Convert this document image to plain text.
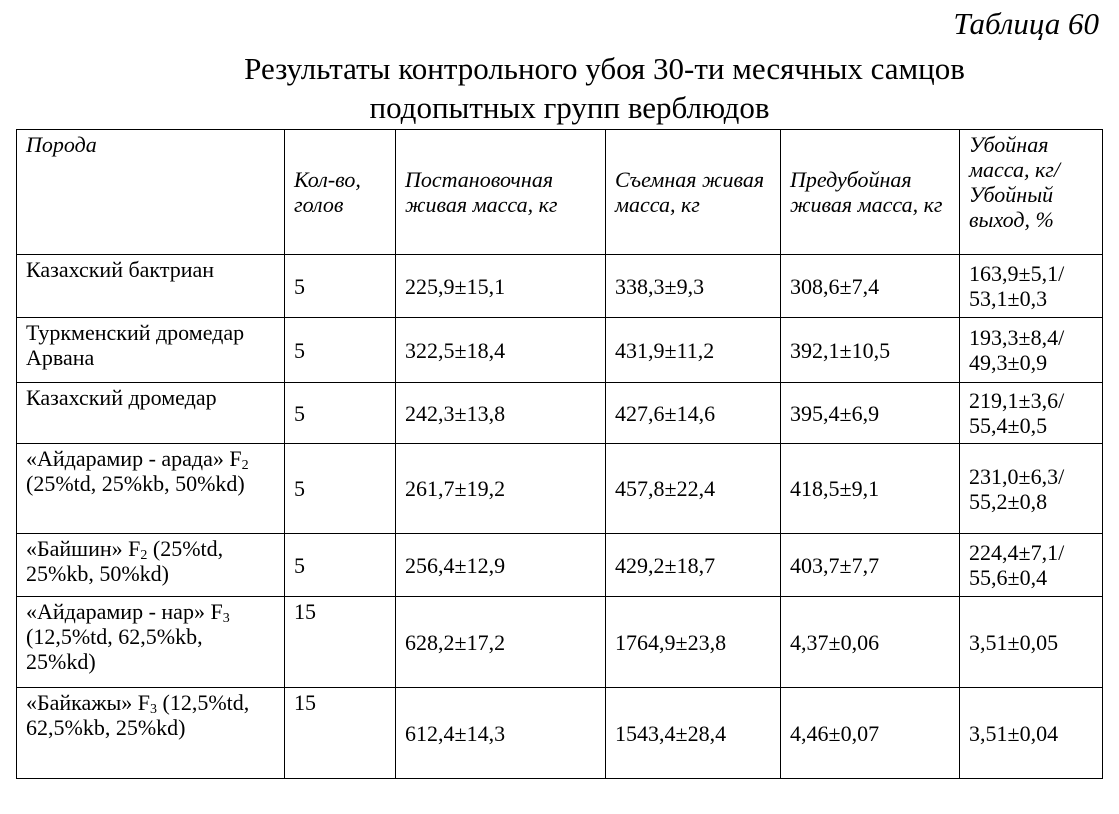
Таблица 60
Результаты контрольного убоя 30-ти месячных самцов
подопытных групп верблюдов
Порода	Кол-во, голов	Постановочная живая масса, кг	Съемная живая масса, кг	Предубойная живая масса, кг	Убойная масса, кг/ Убойный выход, %
Казахский бактриан	5	225,9±15,1	338,3±9,3	308,6±7,4	163,9±5,1/ 53,1±0,3
Туркменский дромедар Арвана	5	322,5±18,4	431,9±11,2	392,1±10,5	193,3±8,4/ 49,3±0,9
Казахский дромедар	5	242,3±13,8	427,6±14,6	395,4±6,9	219,1±3,6/ 55,4±0,5
«Айдарамир - арада» $F_2$ (25%td, 25%kb, 50%kd)	5	261,7±19,2	457,8±22,4	418,5±9,1	231,0±6,3/ 55,2±0,8
«Байшин» $F_2$ (25%td, 25%kb, 50%kd)	5	256,4±12,9	429,2±18,7	403,7±7,7	224,4±7,1/ 55,6±0,4
«Айдарамир - нар» $F_3$ (12,5%td, 62,5%kb, 25%kd)	15	628,2±17,2	1764,9±23,8	4,37±0,06	3,51±0,05
«Байкажы» $F_3$ (12,5%td, 62,5%kb, 25%kd)	15	612,4±14,3	1543,4±28,4	4,46±0,07	3,51±0,04
